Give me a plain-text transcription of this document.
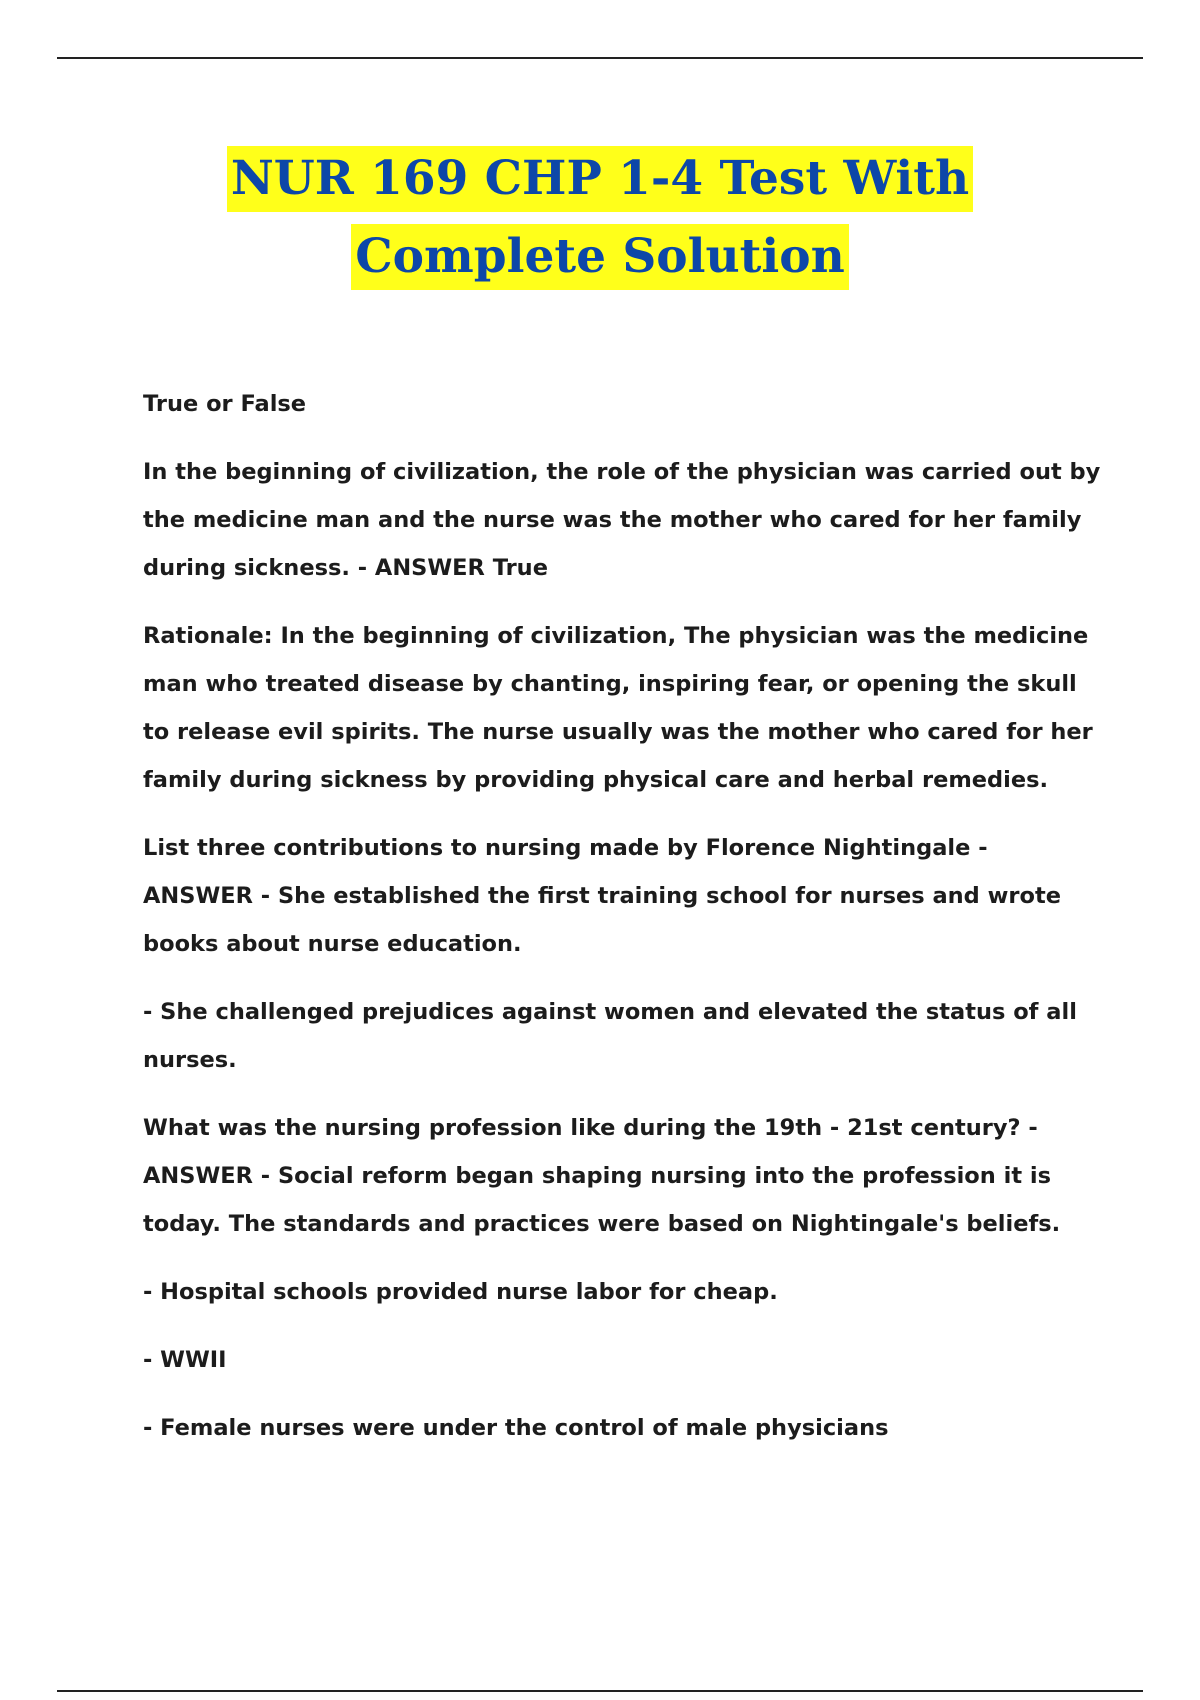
NUR 169 CHP 1-4 Test With
Complete Solution

True or False

In the beginning of civilization, the role of the physician was carried out by the medicine man and the nurse was the mother who cared for her family during sickness. - ANSWER True

Rationale: In the beginning of civilization, The physician was the medicine man who treated disease by chanting, inspiring fear, or opening the skull to release evil spirits. The nurse usually was the mother who cared for her family during sickness by providing physical care and herbal remedies.

List three contributions to nursing made by Florence Nightingale - ANSWER - She established the first training school for nurses and wrote books about nurse education.

- She challenged prejudices against women and elevated the status of all nurses.

What was the nursing profession like during the 19th - 21st century? - ANSWER - Social reform began shaping nursing into the profession it is today. The standards and practices were based on Nightingale's beliefs.

- Hospital schools provided nurse labor for cheap.

- WWII

- Female nurses were under the control of male physicians
